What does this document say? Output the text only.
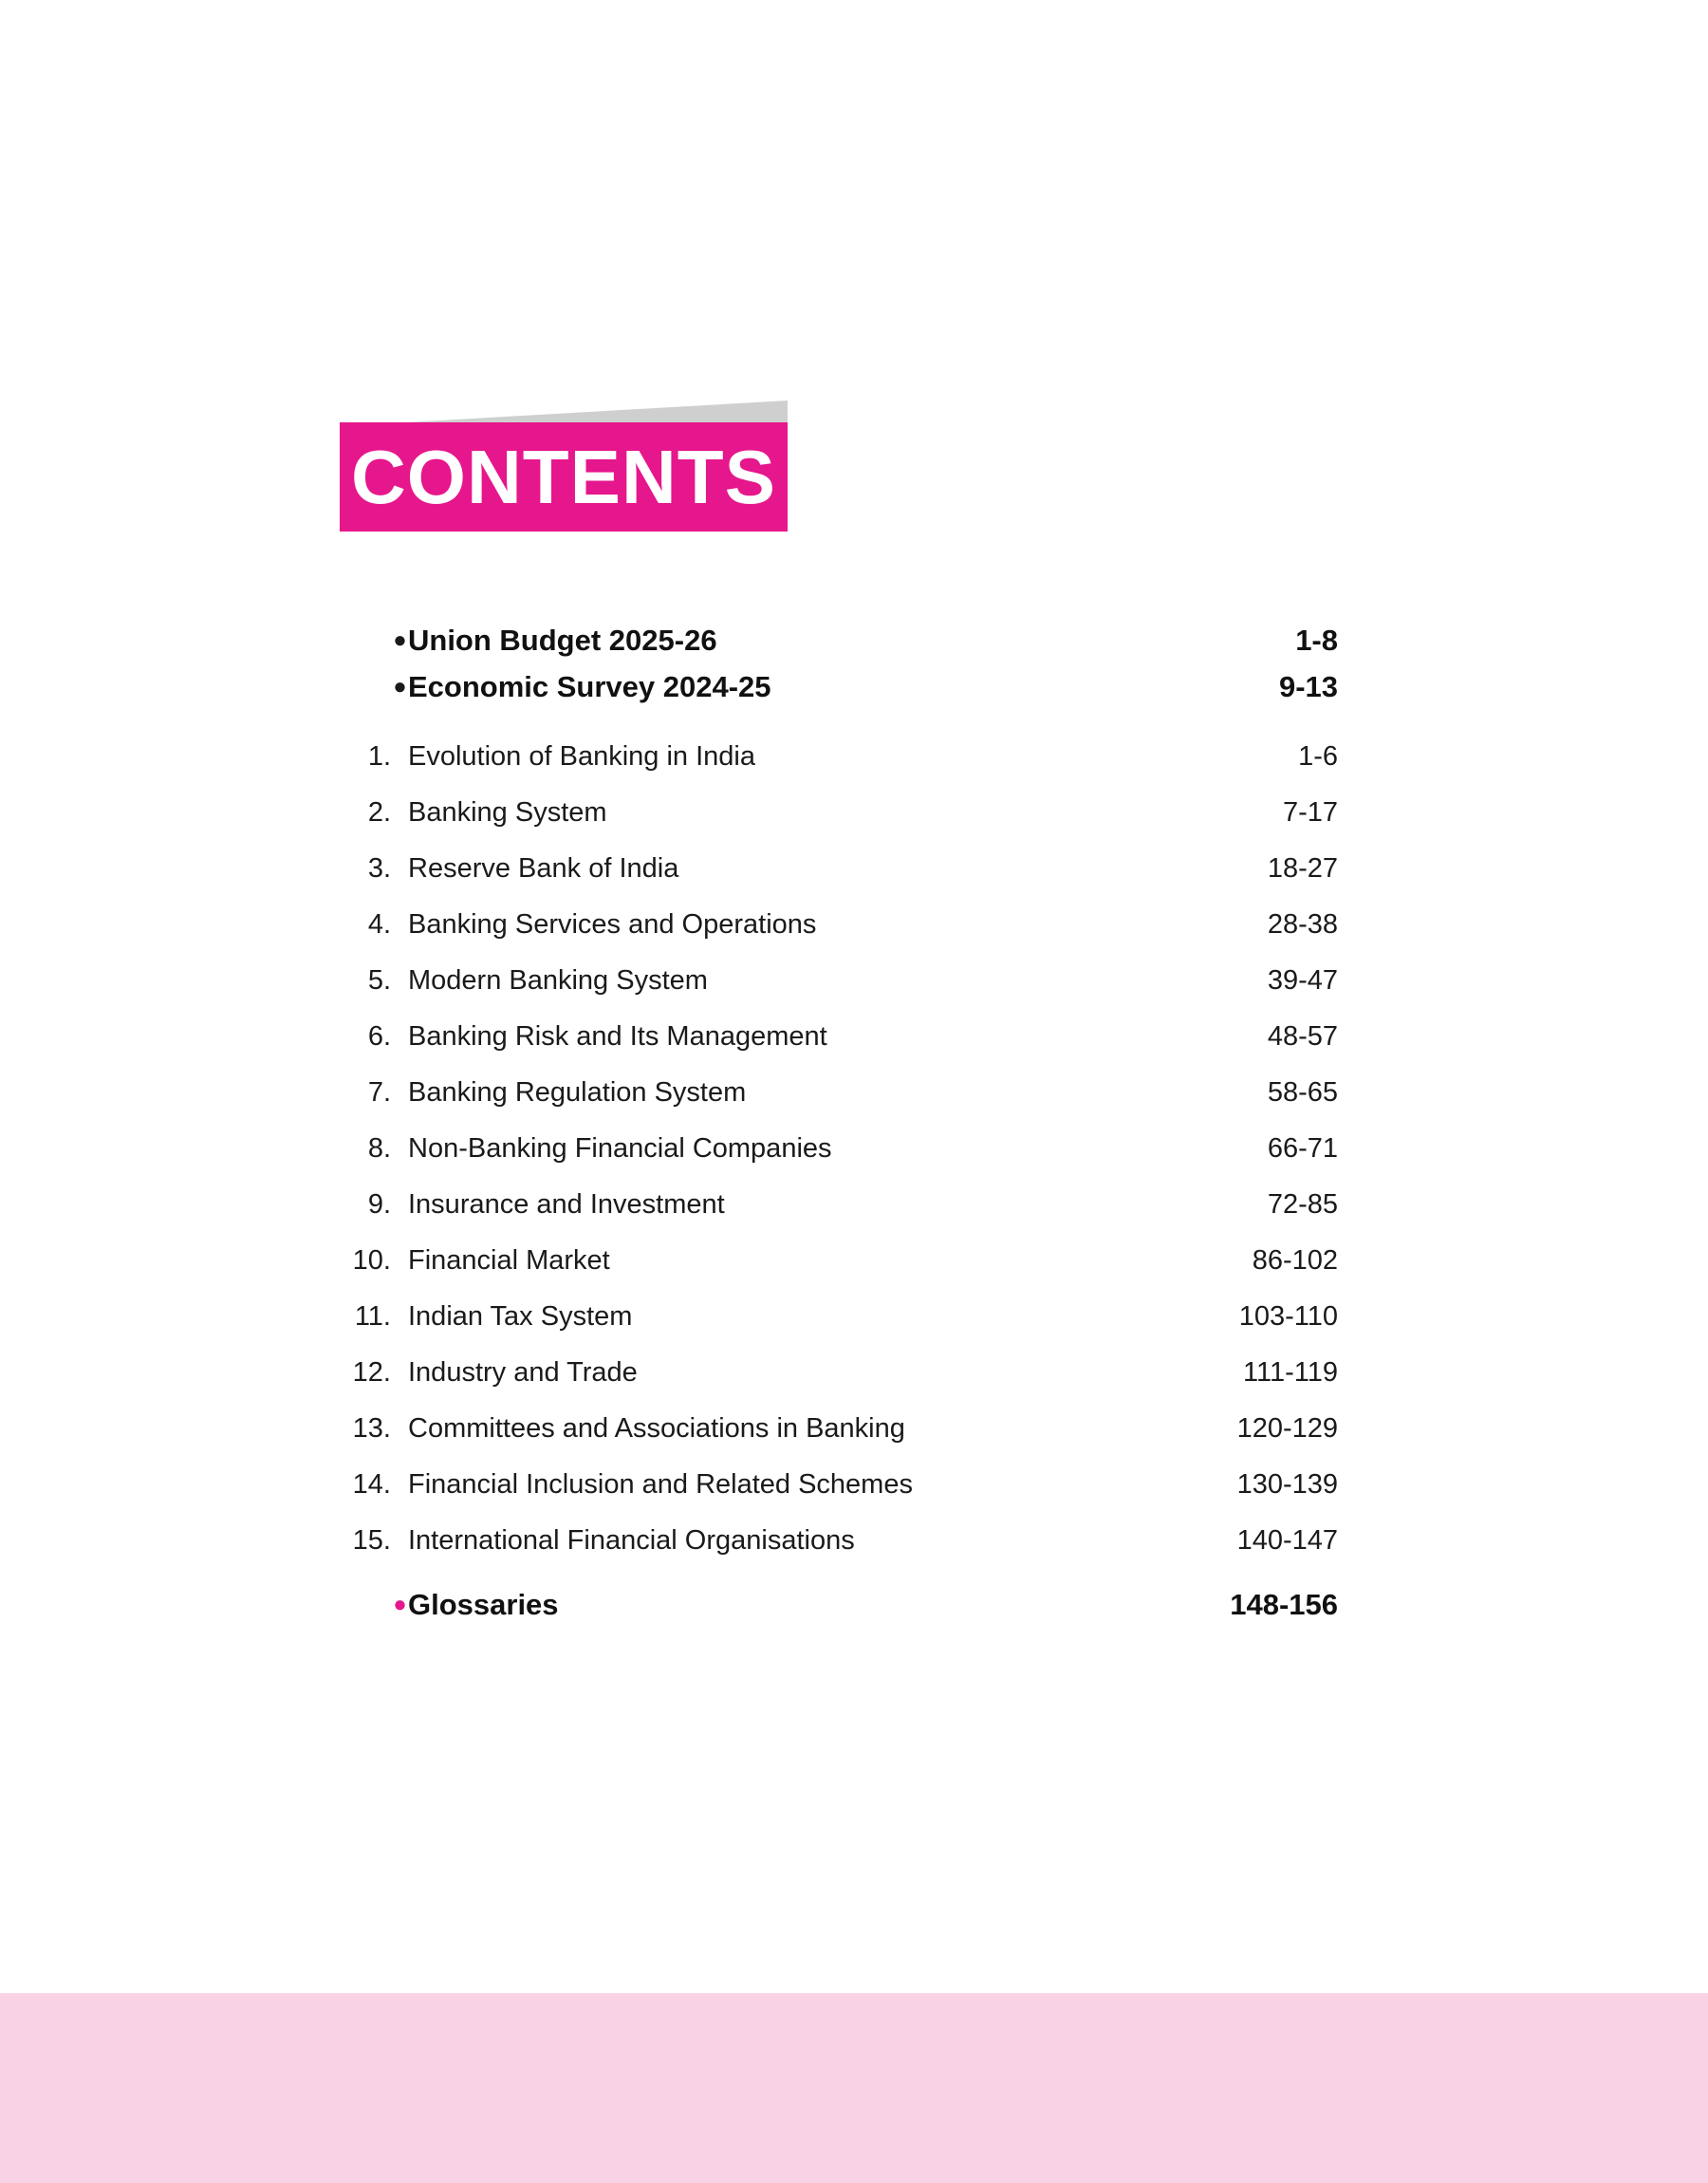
CONTENTS
● Union Budget 2025-26	1-8
● Economic Survey 2024-25	9-13
1. Evolution of Banking in India	1-6
2. Banking System	7-17
3. Reserve Bank of India	18-27
4. Banking Services and Operations	28-38
5. Modern Banking System	39-47
6. Banking Risk and Its Management	48-57
7. Banking Regulation System	58-65
8. Non-Banking Financial Companies	66-71
9. Insurance and Investment	72-85
10. Financial Market	86-102
11. Indian Tax System	103-110
12. Industry and Trade	111-119
13. Committees and Associations in Banking	120-129
14. Financial Inclusion and Related Schemes	130-139
15. International Financial Organisations	140-147
● Glossaries	148-156
